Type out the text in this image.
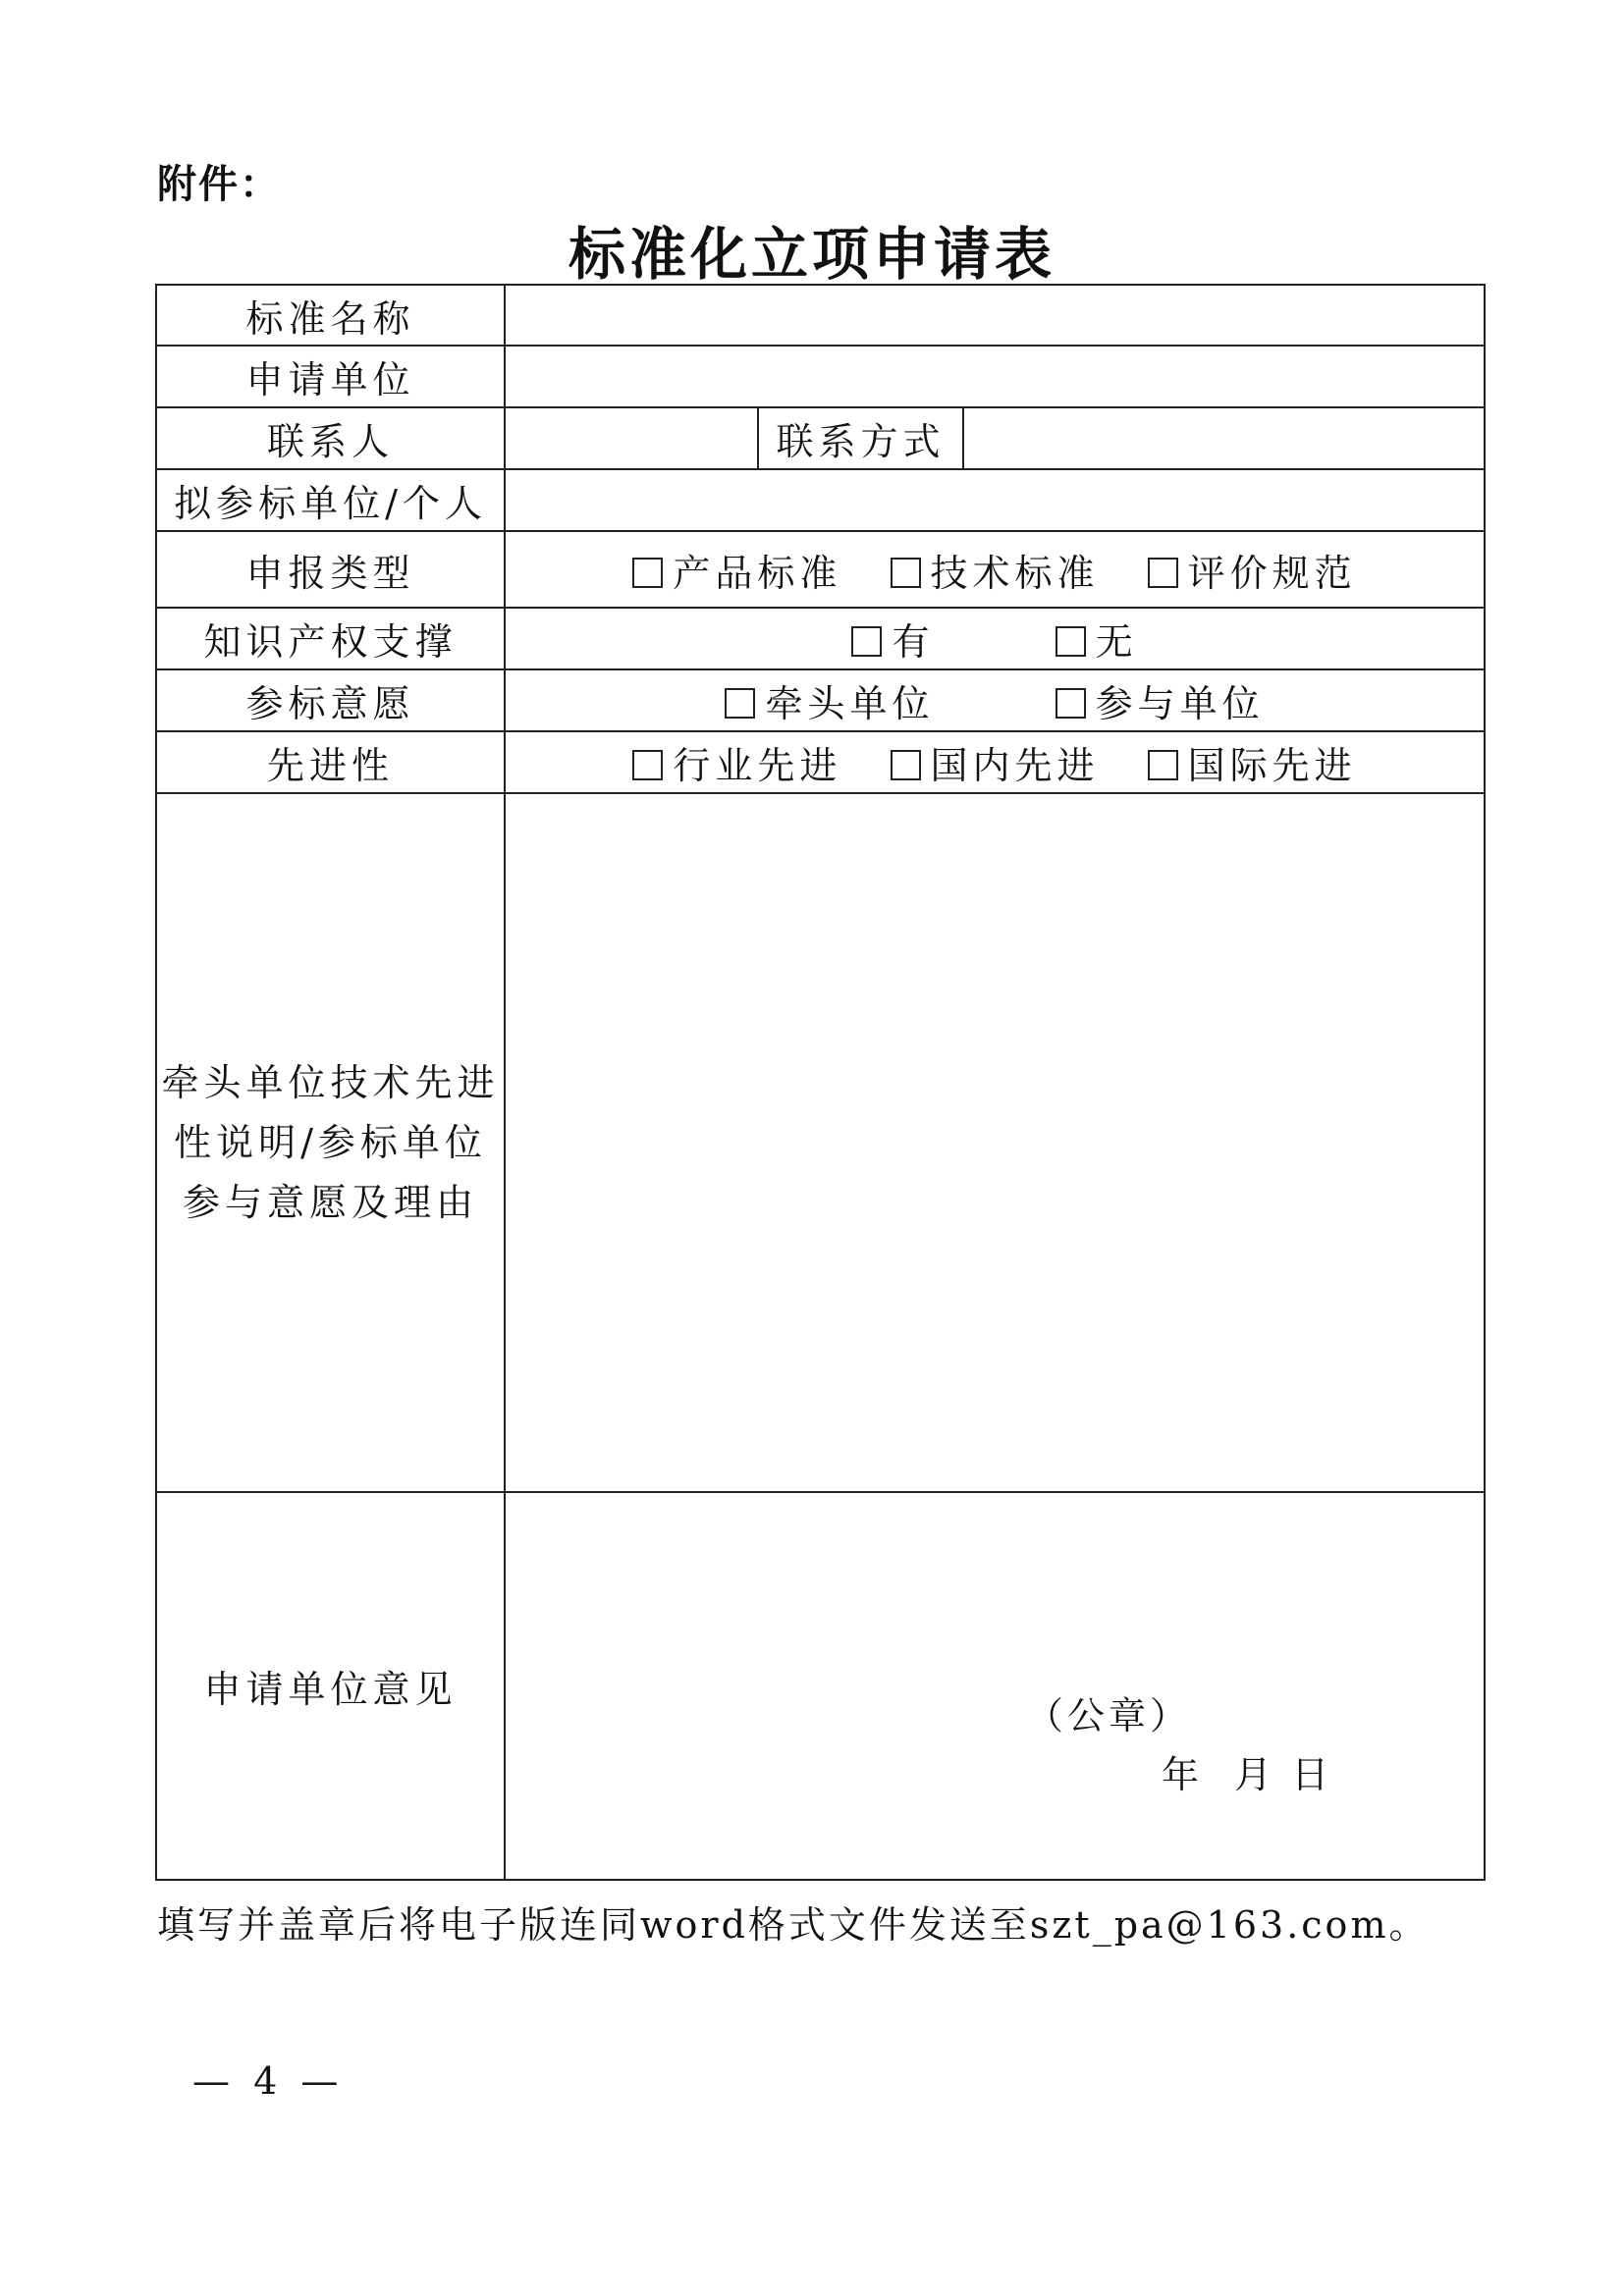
附件：
标准化立项申请表
标准名称			
申请单位			
联系人		联系方式	
拟参标单位/个人			
申报类型	产品标准 技术标准 评价规范		
知识产权支撑	有 无		
参标意愿	牵头单位 参与单位		
先进性	行业先进 国内先进 国际先进		

牵头单位技术先进
性说明/参标单位
参与意愿及理由			

申请单位意见	（公章）
年  月 日		
填写并盖章后将电子版连同word格式文件发送至szt_pa@163.com。
— 4 —
